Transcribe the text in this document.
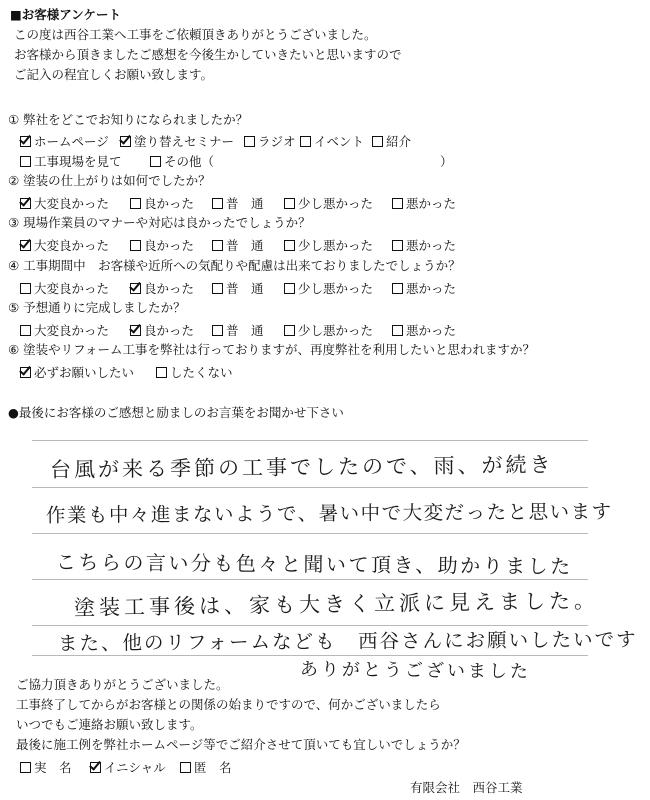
■お客様アンケート
この度は西谷工業へ工事をご依頼頂きありがとうございました。
お客様から頂きましたご感想を今後生かしていきたいと思いますので
ご記入の程宜しくお願い致します。
① 弊社をどこでお知りになられましたか？
ホームページ 塗り替えセミナー ラジオ イベント 紹介
工事現場を見て	その他（	）
② 塗装の仕上がりは如何でしたか？
大変良かった	良かった	普　通	少し悪かった	悪かった
③ 現場作業員のマナーや対応は良かったでしょうか？
大変良かった	良かった	普　通	少し悪かった	悪かった
④ 工事期間中　お客様や近所への気配りや配慮は出来ておりましたでしょうか？
大変良かった	良かった	普　通	少し悪かった	悪かった
⑤ 予想通りに完成しましたか？
大変良かった	良かった	普　通	少し悪かった	悪かった
⑥ 塗装やリフォーム工事を弊社は行っておりますが、再度弊社を利用したいと思われますか？
必ずお願いしたい	したくない
●最後にお客様のご感想と励ましのお言葉をお聞かせ下さい
台風が来る季節の工事でしたので、雨、が続き
作業も中々進まないようで、暑い中で大変だったと思います
こちらの言い分も色々と聞いて頂き、助かりました
塗装工事後は、家も大きく立派に見えました。
また、他のリフォームなども　西谷さんにお願いしたいです
ありがとうございました
ご協力頂きありがとうございました。
工事終了してからがお客様との関係の始まりですので、何かございましたら
いつでもご連絡お願い致します。
最後に施工例を弊社ホームページ等でご紹介させて頂いても宜しいでしょうか？
実　名	イニシャル 匿　名
有限会社　西谷工業
